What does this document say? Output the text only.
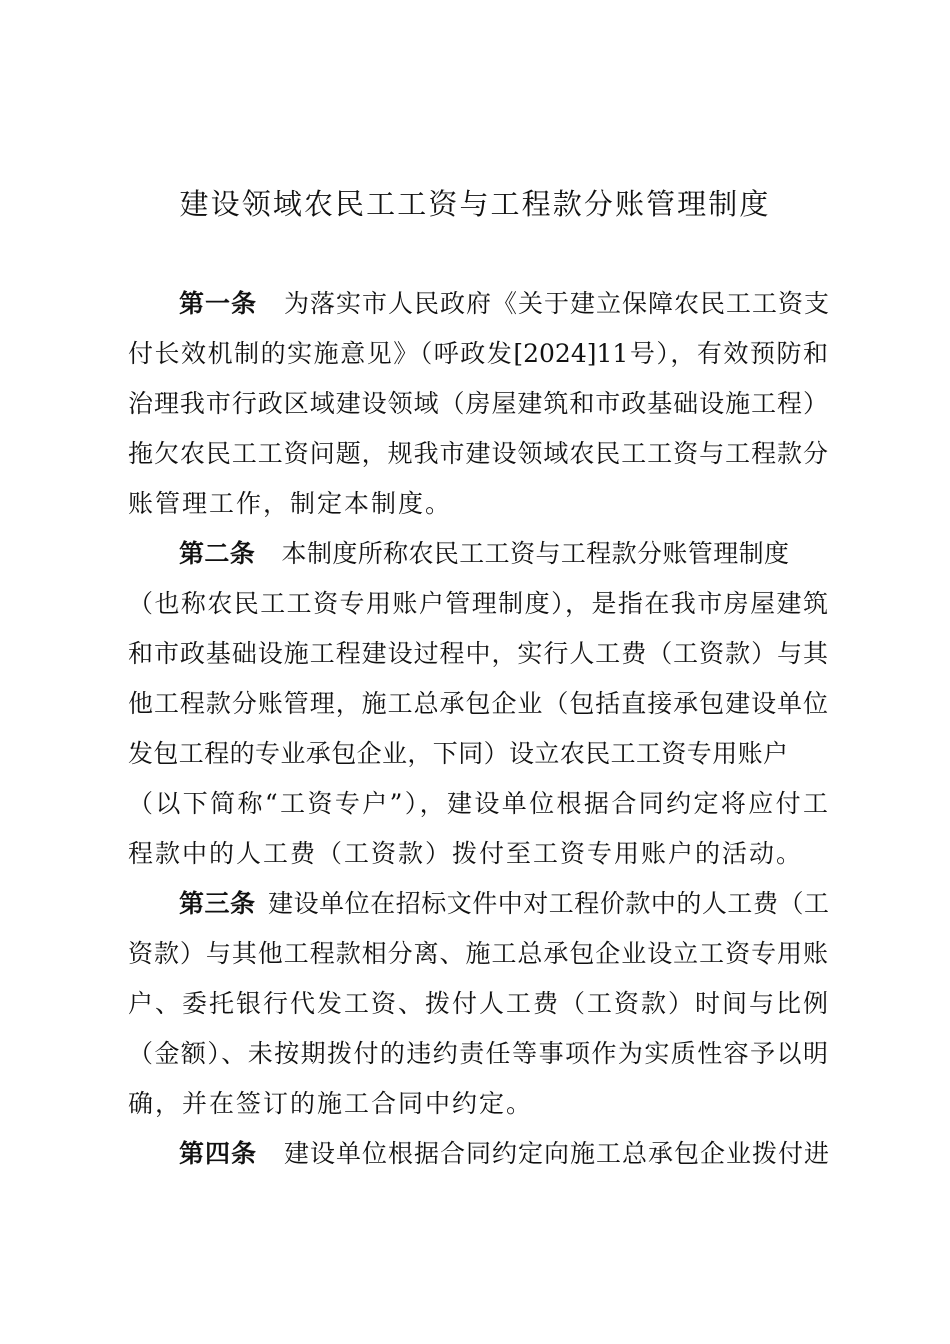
建设领域农民工工资与工程款分账管理制度
第一条 为落实市人民政府《关于建立保障农民工工资支
付长效机制的实施意见》（呼政发[2024]11号），有效预防和
治理我市行政区域建设领域（房屋建筑和市政基础设施工程）
拖欠农民工工资问题，规我市建设领域农民工工资与工程款分
账管理工作，制定本制度。
第二条 本制度所称农民工工资与工程款分账管理制度
（也称农民工工资专用账户管理制度），是指在我市房屋建筑
和市政基础设施工程建设过程中，实行人工费（工资款）与其
他工程款分账管理，施工总承包企业（包括直接承包建设单位
发包工程的专业承包企业，下同）设立农民工工资专用账户
（以下简称“工资专户”），建设单位根据合同约定将应付工
程款中的人工费（工资款）拨付至工资专用账户的活动。
第三条 建设单位在招标文件中对工程价款中的人工费（工
资款）与其他工程款相分离、施工总承包企业设立工资专用账
户、委托银行代发工资、拨付人工费（工资款）时间与比例
（金额）、未按期拨付的违约责任等事项作为实质性容予以明
确，并在签订的施工合同中约定。
第四条 建设单位根据合同约定向施工总承包企业拨付进
